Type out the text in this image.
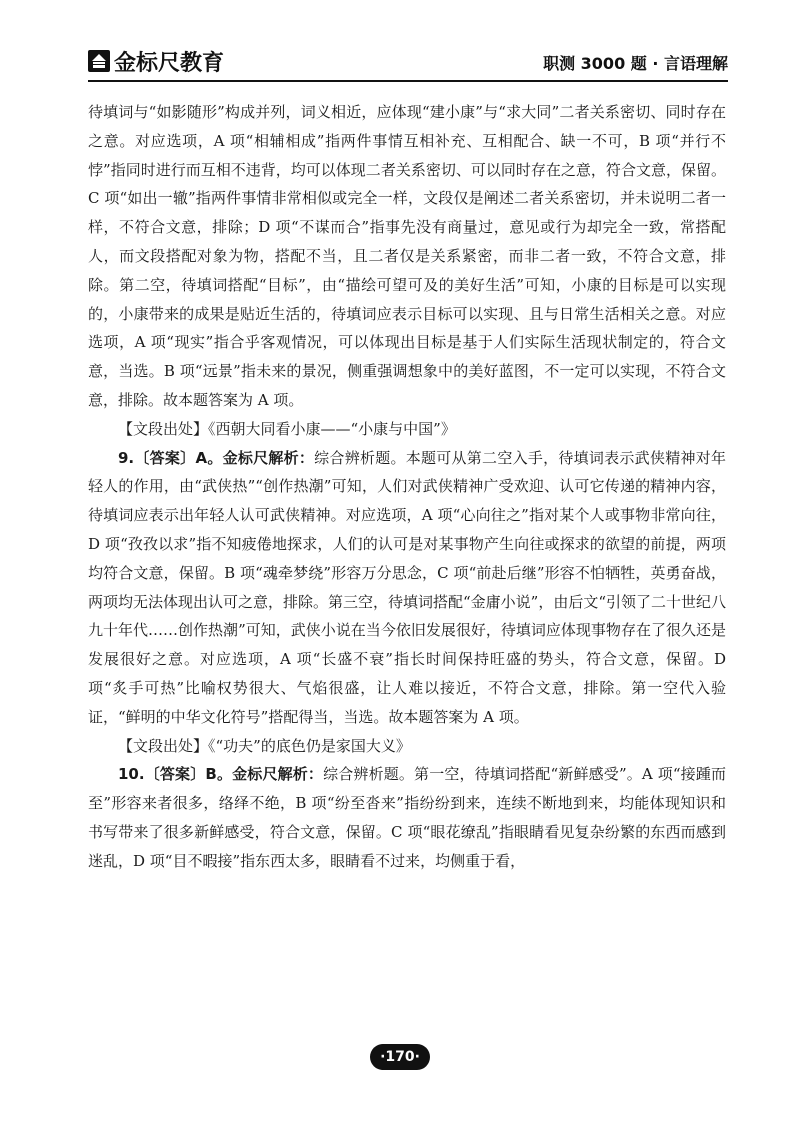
金标尺教育	职测 3000 题 · 言语理解

待填词与“如影随形”构成并列，词义相近，应体现“建小康”与“求大同”二者关系密切、同时存在之意。对应选项，A 项“相辅相成”指两件事情互相补充、互相配合、缺一不可，B 项“并行不悖”指同时进行而互相不违背，均可以体现二者关系密切、可以同时存在之意，符合文意，保留。C 项“如出一辙”指两件事情非常相似或完全一样，文段仅是阐述二者关系密切，并未说明二者一样，不符合文意，排除；D 项“不谋而合”指事先没有商量过，意见或行为却完全一致，常搭配人，而文段搭配对象为物，搭配不当，且二者仅是关系紧密，而非二者一致，不符合文意，排除。第二空，待填词搭配“目标”，由“描绘可望可及的美好生活”可知，小康的目标是可以实现的，小康带来的成果是贴近生活的，待填词应表示目标可以实现、且与日常生活相关之意。对应选项，A 项“现实”指合乎客观情况，可以体现出目标是基于人们实际生活现状制定的，符合文意，当选。B 项“远景”指未来的景况，侧重强调想象中的美好蓝图，不一定可以实现，不符合文意，排除。故本题答案为 A 项。

【文段出处】《西朝大同看小康——“小康与中国”》

9.〔答案〕A。金标尺解析：综合辨析题。本题可从第二空入手，待填词表示武侠精神对年轻人的作用，由“武侠热”“创作热潮”可知，人们对武侠精神广受欢迎、认可它传递的精神内容，待填词应表示出年轻人认可武侠精神。对应选项，A 项“心向往之”指对某个人或事物非常向往，D 项“孜孜以求”指不知疲倦地探求，人们的认可是对某事物产生向往或探求的欲望的前提，两项均符合文意，保留。B 项“魂牵梦绕”形容万分思念，C 项“前赴后继”形容不怕牺牲，英勇奋战，两项均无法体现出认可之意，排除。第三空，待填词搭配“金庸小说”，由后文“引领了二十世纪八九十年代……创作热潮”可知，武侠小说在当今依旧发展很好，待填词应体现事物存在了很久还是发展很好之意。对应选项，A 项“长盛不衰”指长时间保持旺盛的势头，符合文意，保留。D 项“炙手可热”比喻权势很大、气焰很盛，让人难以接近，不符合文意，排除。第一空代入验证，“鲜明的中华文化符号”搭配得当，当选。故本题答案为 A 项。

【文段出处】《“功夫”的底色仍是家国大义》

10.〔答案〕B。金标尺解析：综合辨析题。第一空，待填词搭配“新鲜感受”。A 项“接踵而至”形容来者很多，络绎不绝，B 项“纷至沓来”指纷纷到来，连续不断地到来，均能体现知识和书写带来了很多新鲜感受，符合文意，保留。C 项“眼花缭乱”指眼睛看见复杂纷繁的东西而感到迷乱，D 项“目不暇接”指东西太多，眼睛看不过来，均侧重于看，

·170·
